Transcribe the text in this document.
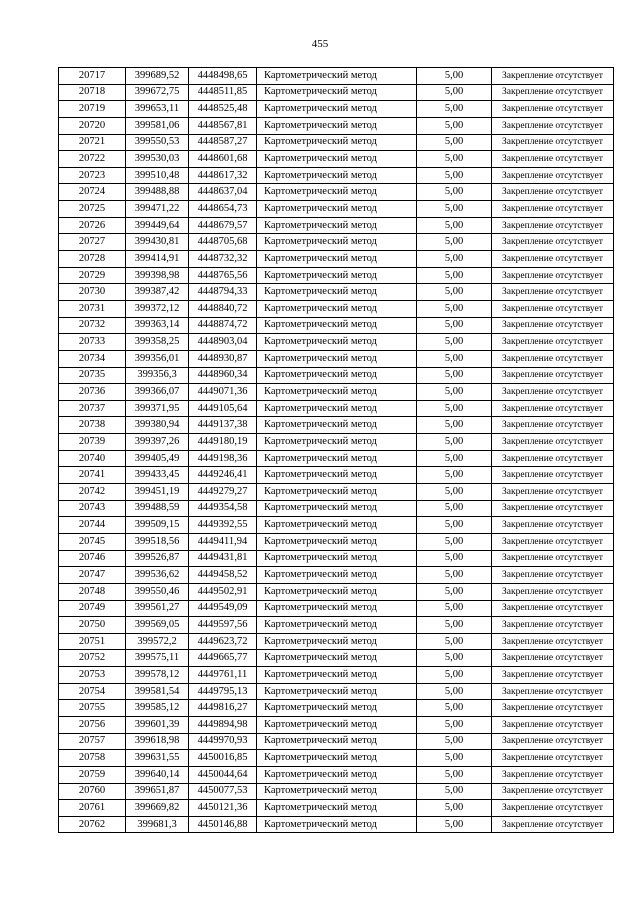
455
20717	399689,52	4448498,65	Картометрический метод	5,00	Закрепление отсутствует
20718	399672,75	4448511,85	Картометрический метод	5,00	Закрепление отсутствует
20719	399653,11	4448525,48	Картометрический метод	5,00	Закрепление отсутствует
20720	399581,06	4448567,81	Картометрический метод	5,00	Закрепление отсутствует
20721	399550,53	4448587,27	Картометрический метод	5,00	Закрепление отсутствует
20722	399530,03	4448601,68	Картометрический метод	5,00	Закрепление отсутствует
20723	399510,48	4448617,32	Картометрический метод	5,00	Закрепление отсутствует
20724	399488,88	4448637,04	Картометрический метод	5,00	Закрепление отсутствует
20725	399471,22	4448654,73	Картометрический метод	5,00	Закрепление отсутствует
20726	399449,64	4448679,57	Картометрический метод	5,00	Закрепление отсутствует
20727	399430,81	4448705,68	Картометрический метод	5,00	Закрепление отсутствует
20728	399414,91	4448732,32	Картометрический метод	5,00	Закрепление отсутствует
20729	399398,98	4448765,56	Картометрический метод	5,00	Закрепление отсутствует
20730	399387,42	4448794,33	Картометрический метод	5,00	Закрепление отсутствует
20731	399372,12	4448840,72	Картометрический метод	5,00	Закрепление отсутствует
20732	399363,14	4448874,72	Картометрический метод	5,00	Закрепление отсутствует
20733	399358,25	4448903,04	Картометрический метод	5,00	Закрепление отсутствует
20734	399356,01	4448930,87	Картометрический метод	5,00	Закрепление отсутствует
20735	399356,3	4448960,34	Картометрический метод	5,00	Закрепление отсутствует
20736	399366,07	4449071,36	Картометрический метод	5,00	Закрепление отсутствует
20737	399371,95	4449105,64	Картометрический метод	5,00	Закрепление отсутствует
20738	399380,94	4449137,38	Картометрический метод	5,00	Закрепление отсутствует
20739	399397,26	4449180,19	Картометрический метод	5,00	Закрепление отсутствует
20740	399405,49	4449198,36	Картометрический метод	5,00	Закрепление отсутствует
20741	399433,45	4449246,41	Картометрический метод	5,00	Закрепление отсутствует
20742	399451,19	4449279,27	Картометрический метод	5,00	Закрепление отсутствует
20743	399488,59	4449354,58	Картометрический метод	5,00	Закрепление отсутствует
20744	399509,15	4449392,55	Картометрический метод	5,00	Закрепление отсутствует
20745	399518,56	4449411,94	Картометрический метод	5,00	Закрепление отсутствует
20746	399526,87	4449431,81	Картометрический метод	5,00	Закрепление отсутствует
20747	399536,62	4449458,52	Картометрический метод	5,00	Закрепление отсутствует
20748	399550,46	4449502,91	Картометрический метод	5,00	Закрепление отсутствует
20749	399561,27	4449549,09	Картометрический метод	5,00	Закрепление отсутствует
20750	399569,05	4449597,56	Картометрический метод	5,00	Закрепление отсутствует
20751	399572,2	4449623,72	Картометрический метод	5,00	Закрепление отсутствует
20752	399575,11	4449665,77	Картометрический метод	5,00	Закрепление отсутствует
20753	399578,12	4449761,11	Картометрический метод	5,00	Закрепление отсутствует
20754	399581,54	4449795,13	Картометрический метод	5,00	Закрепление отсутствует
20755	399585,12	4449816,27	Картометрический метод	5,00	Закрепление отсутствует
20756	399601,39	4449894,98	Картометрический метод	5,00	Закрепление отсутствует
20757	399618,98	4449970,93	Картометрический метод	5,00	Закрепление отсутствует
20758	399631,55	4450016,85	Картометрический метод	5,00	Закрепление отсутствует
20759	399640,14	4450044,64	Картометрический метод	5,00	Закрепление отсутствует
20760	399651,87	4450077,53	Картометрический метод	5,00	Закрепление отсутствует
20761	399669,82	4450121,36	Картометрический метод	5,00	Закрепление отсутствует
20762	399681,3	4450146,88	Картометрический метод	5,00	Закрепление отсутствует
